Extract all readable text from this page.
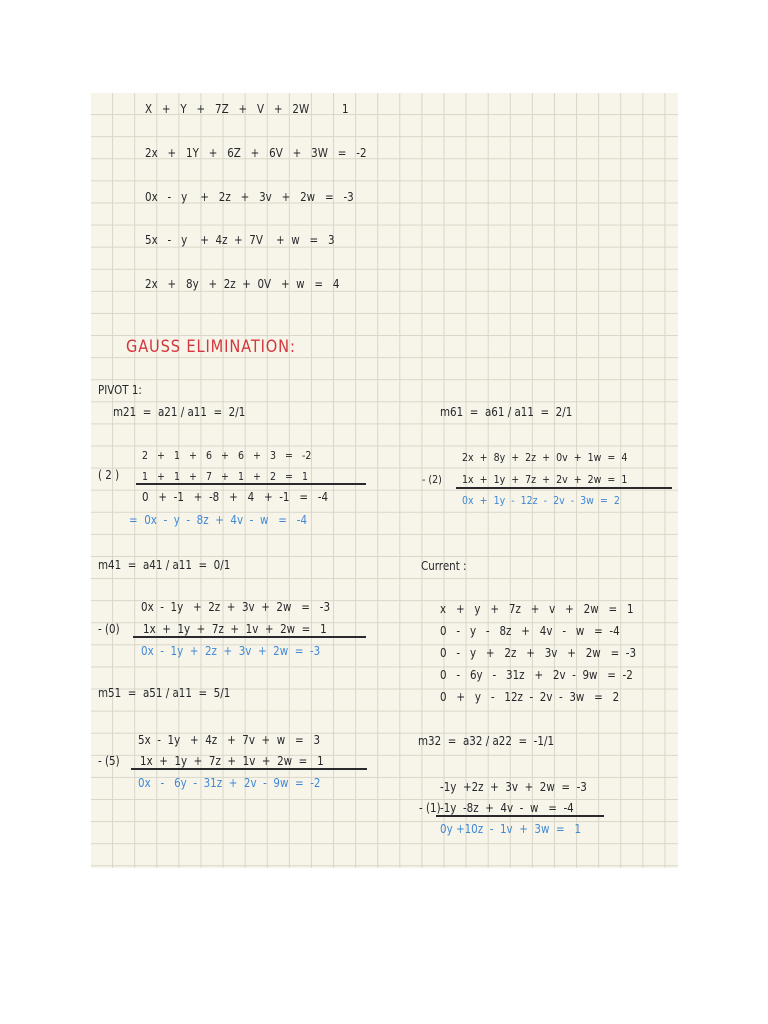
X   +   Y   +   7Z   +   V   +   2W          1
2x   +   1Y   +   6Z   +   6V   +   3W   =   -2
0x   -   y    +   2z   +   3v   +   2w   =   -3
5x   -   y    +  4z  +  7V    +  w   =   3
2x   +   8y   +  2z  +  0V   +  w   =   4
GAUSS ELIMINATION:
PIVOT 1:
m21  =  a21 / a11  =  2/1
2   +   1   +   6   +   6   +   3   =   -2
( 2 ) 1   +   1   +   7   +   1   +   2   =   1
0   +  -1   +  -8   +   4   +  -1   =   -4
=  0x  -  y  -  8z  +  4v  -  w   =   -4
m41  =  a41 / a11  =  0/1
0x  -  1y   +  2z  +  3v  +  2w   =   -3
- (0) 1x  +  1y  +  7z  +  1v  +  2w  =   1
0x  -  1y  +  2z  +  3v  +  2w  =  -3
m51  =  a51 / a11  =  5/1
5x  -  1y   +  4z   +  7v  +  w   =   3
- (5) 1x  +  1y  +  7z  +  1v  +  2w  =   1
0x   -   6y  -  31z  +  2v  -  9w  =  -2
m61  =  a61 / a11  =  2/1
2x  +  8y  +  2z  +  0v  +  1w  =  4
- (2) 1x  +  1y  +  7z  +  2v  +  2w  =  1
0x  +  1y  -  12z  -  2v  -  3w  =  2
Current :
x   +   y   +   7z   +   v   +   2w   =   1
0   -   y   -   8z   +   4v   -   w   =  -4
0   -   y   +   2z   +   3v   +   2w   =  -3
0   -   6y   -   31z   +   2v  -  9w   =  -2
0   +   y   -   12z  -  2v  -  3w   =   2
m32  =  a32 / a22  =  -1/1
-1y  +2z  +  3v  +  2w  =  -3
- (1) -1y  -8z  +  4v  -  w   =  -4
0y +10z  -  1v  +  3w  =   1
